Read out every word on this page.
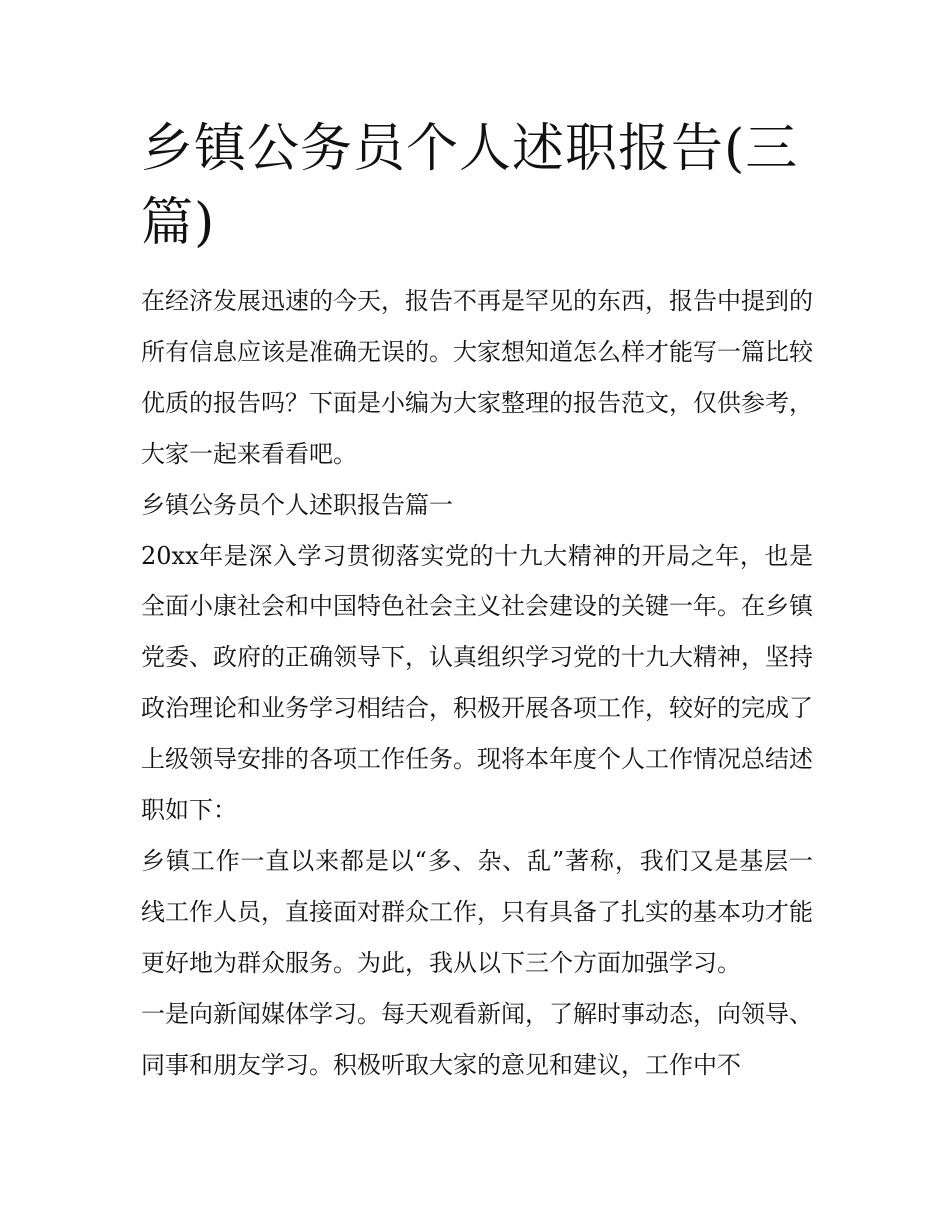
乡镇公务员个人述职报告(三篇)

在经济发展迅速的今天，报告不再是罕见的东西，报告中提到的所有信息应该是准确无误的。大家想知道怎么样才能写一篇比较优质的报告吗？下面是小编为大家整理的报告范文，仅供参考，大家一起来看看吧。

乡镇公务员个人述职报告篇一

20xx年是深入学习贯彻落实党的十九大精神的开局之年，也是全面小康社会和中国特色社会主义社会建设的关键一年。在乡镇党委、政府的正确领导下，认真组织学习党的十九大精神，坚持政治理论和业务学习相结合，积极开展各项工作，较好的完成了上级领导安排的各项工作任务。现将本年度个人工作情况总结述职如下：

乡镇工作一直以来都是以“多、杂、乱”著称，我们又是基层一线工作人员，直接面对群众工作，只有具备了扎实的基本功才能更好地为群众服务。为此，我从以下三个方面加强学习。

一是向新闻媒体学习。每天观看新闻，了解时事动态，向领导、同事和朋友学习。积极听取大家的意见和建议，工作中不
